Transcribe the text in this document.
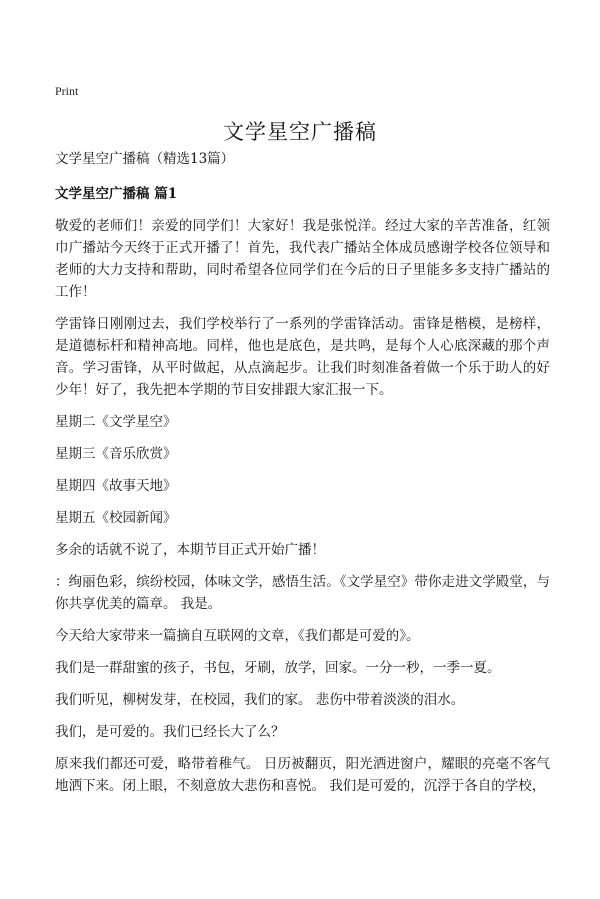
Print
文学星空广播稿

文学星空广播稿（精选13篇）

文学星空广播稿 篇1

敬爱的老师们！亲爱的同学们！大家好！我是张悦洋。经过大家的辛苦准备，红领巾广播站今天终于正式开播了！首先，我代表广播站全体成员感谢学校各位领导和老师的大力支持和帮助，同时希望各位同学们在今后的日子里能多多支持广播站的工作！

学雷锋日刚刚过去，我们学校举行了一系列的学雷锋活动。雷锋是楷模，是榜样，是道德标杆和精神高地。同样，他也是底色，是共鸣，是每个人心底深藏的那个声音。学习雷锋，从平时做起，从点滴起步。让我们时刻准备着做一个乐于助人的好少年！好了，我先把本学期的节目安排跟大家汇报一下。

星期二《文学星空》

星期三《音乐欣赏》

星期四《故事天地》

星期五《校园新闻》

多余的话就不说了，本期节目正式开始广播！

：绚丽色彩，缤纷校园，体味文学，感悟生活。《文学星空》带你走进文学殿堂，与你共享优美的篇章。 我是。

今天给大家带来一篇摘自互联网的文章，《我们都是可爱的》。

我们是一群甜蜜的孩子，书包，牙刷，放学，回家。一分一秒，一季一夏。

我们听见，柳树发芽，在校园，我们的家。 悲伤中带着淡淡的泪水。

我们，是可爱的。我们已经长大了么？

原来我们都还可爱，略带着稚气。 日历被翻页，阳光洒进窗户，耀眼的亮毫不客气地洒下来。闭上眼，不刻意放大悲伤和喜悦。 我们是可爱的，沉浮于各自的学校，
